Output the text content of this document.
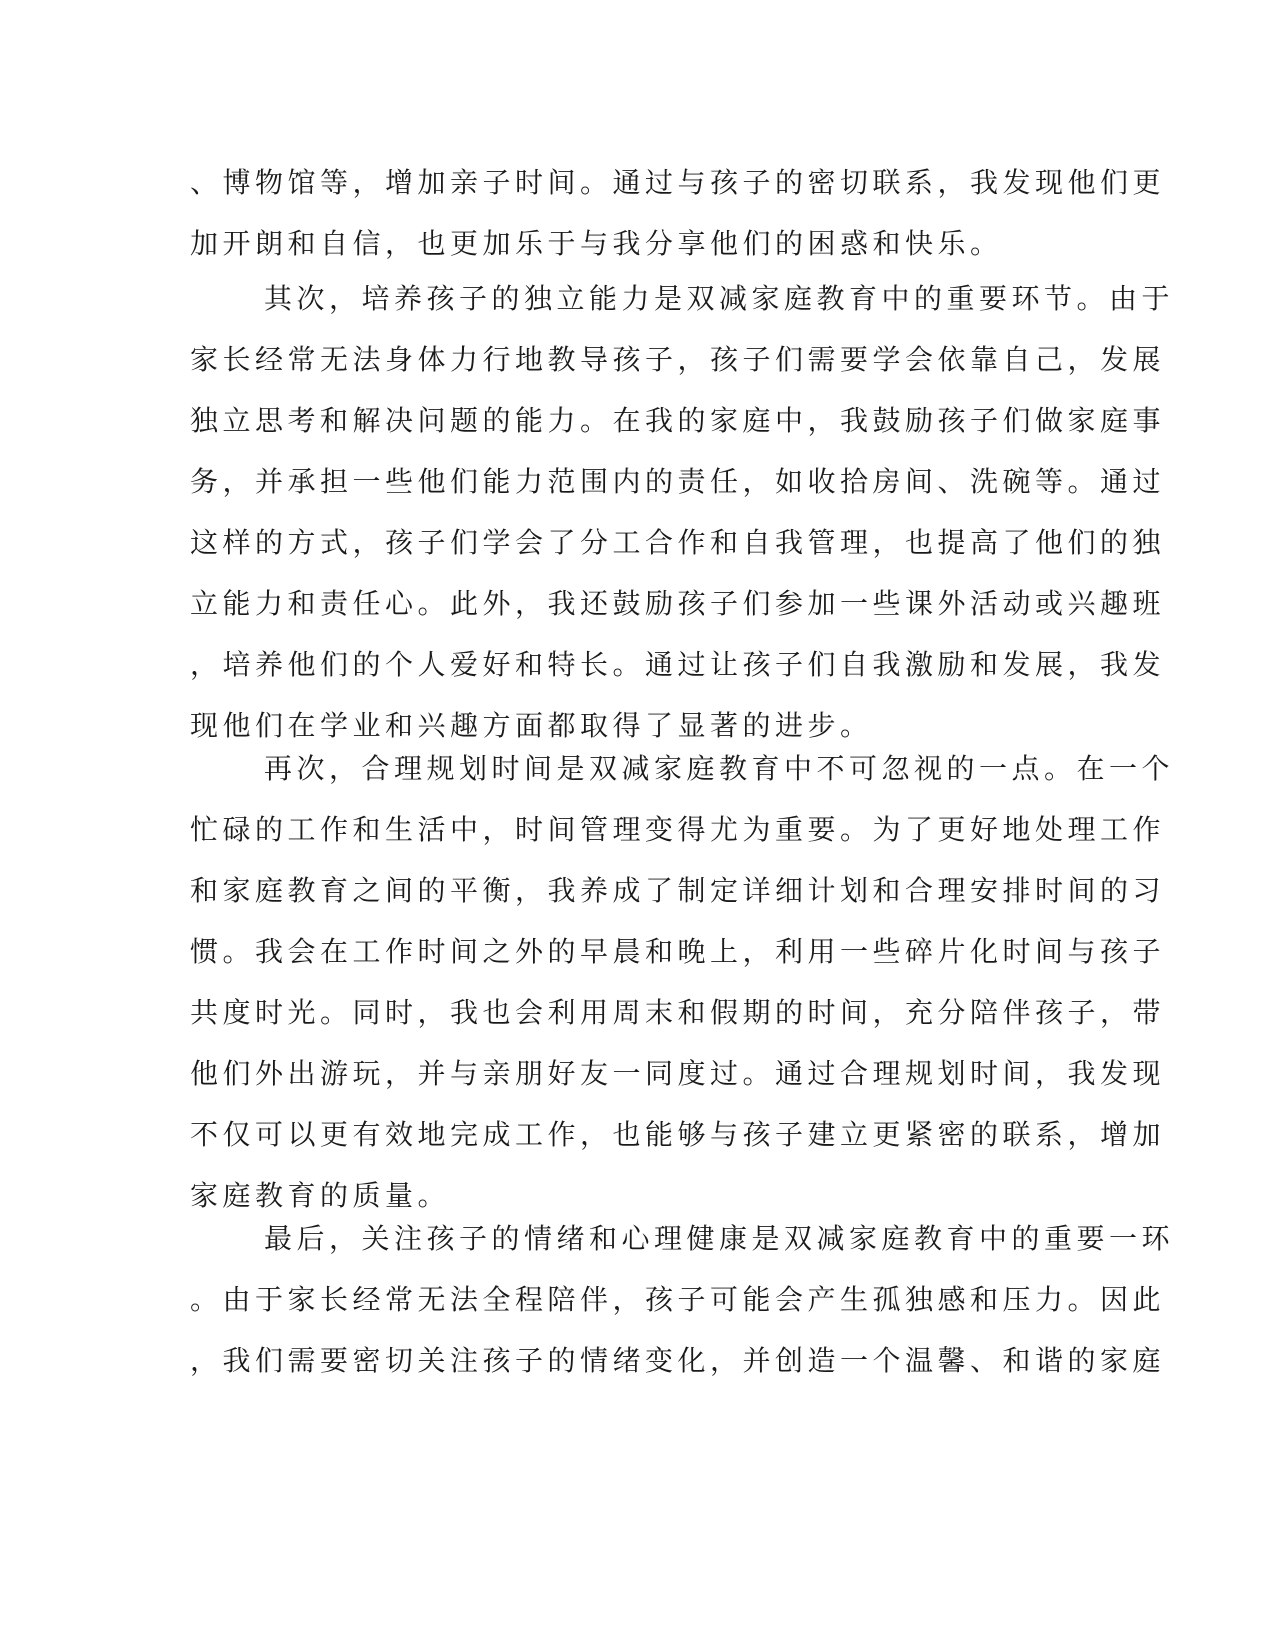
、博物馆等，增加亲子时间。通过与孩子的密切联系，我发现他们更
加开朗和自信，也更加乐于与我分享他们的困惑和快乐。
其次，培养孩子的独立能力是双减家庭教育中的重要环节。由于
家长经常无法身体力行地教导孩子，孩子们需要学会依靠自己，发展
独立思考和解决问题的能力。在我的家庭中，我鼓励孩子们做家庭事
务，并承担一些他们能力范围内的责任，如收拾房间、洗碗等。通过
这样的方式，孩子们学会了分工合作和自我管理，也提高了他们的独
立能力和责任心。此外，我还鼓励孩子们参加一些课外活动或兴趣班
，培养他们的个人爱好和特长。通过让孩子们自我激励和发展，我发
现他们在学业和兴趣方面都取得了显著的进步。
再次，合理规划时间是双减家庭教育中不可忽视的一点。在一个
忙碌的工作和生活中，时间管理变得尤为重要。为了更好地处理工作
和家庭教育之间的平衡，我养成了制定详细计划和合理安排时间的习
惯。我会在工作时间之外的早晨和晚上，利用一些碎片化时间与孩子
共度时光。同时，我也会利用周末和假期的时间，充分陪伴孩子，带
他们外出游玩，并与亲朋好友一同度过。通过合理规划时间，我发现
不仅可以更有效地完成工作，也能够与孩子建立更紧密的联系，增加
家庭教育的质量。
最后，关注孩子的情绪和心理健康是双减家庭教育中的重要一环
。由于家长经常无法全程陪伴，孩子可能会产生孤独感和压力。因此
，我们需要密切关注孩子的情绪变化，并创造一个温馨、和谐的家庭
